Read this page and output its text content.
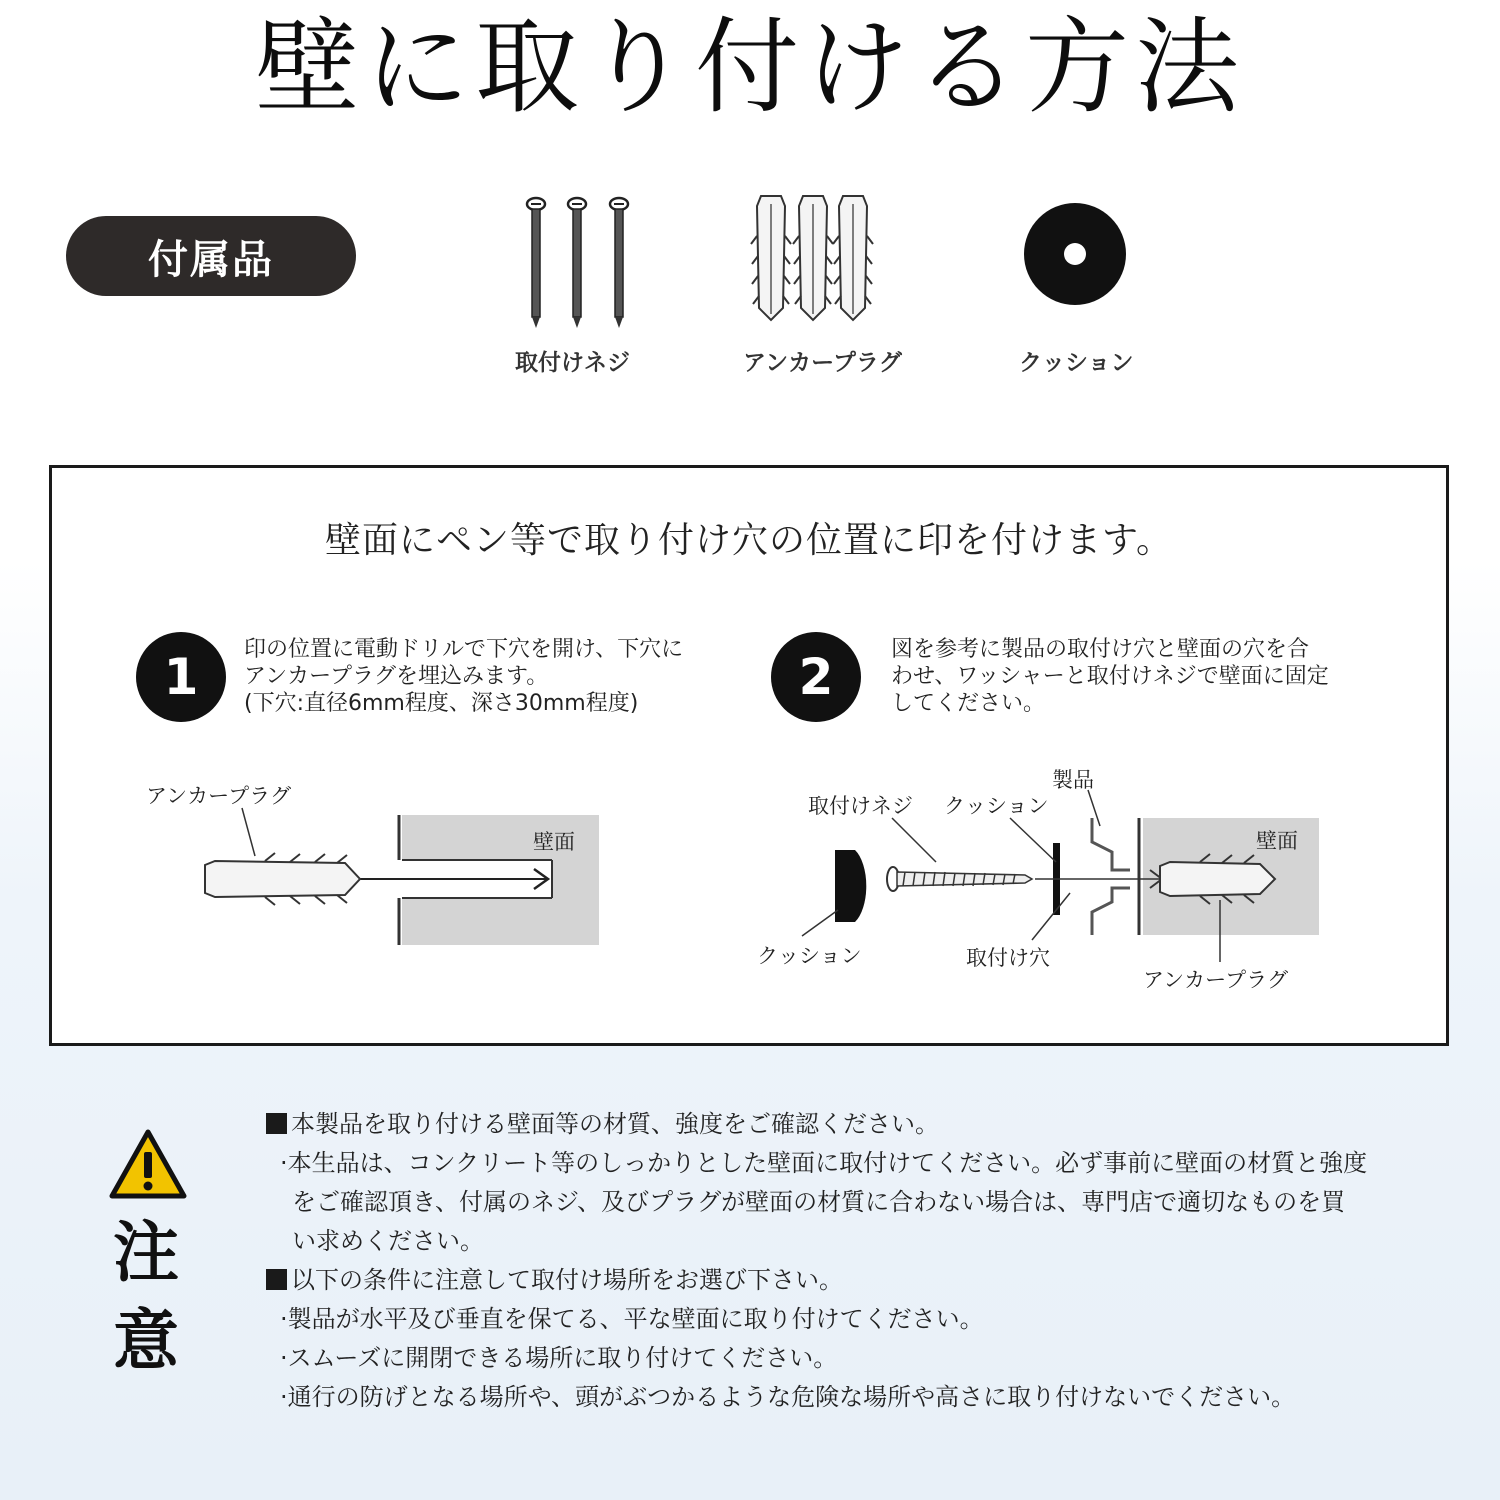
壁に取り付ける方法
付属品
取付けネジ	アンカープラグ	クッション
壁面にペン等で取り付け穴の位置に印を付けます。
1	印の位置に電動ドリルで下穴を開け、下穴に
アンカープラグを埋込みます。
(下穴:直径6mm程度、深さ30mm程度)	2	図を参考に製品の取付け穴と壁面の穴を合
わせ、ワッシャーと取付けネジで壁面に固定
してください。
アンカープラグ
壁面
製品
取付けネジ クッション
壁面
クッション	取付け穴
アンカープラグ
注
意
本製品を取り付ける壁面等の材質、強度をご確認ください。
·本生品は、コンクリート等のしっかりとした壁面に取付けてください。必ず事前に壁面の材質と強度
をご確認頂き、付属のネジ、及びプラグが壁面の材質に合わない場合は、専門店で適切なものを買
い求めください。
以下の条件に注意して取付け場所をお選び下さい。
·製品が水平及び垂直を保てる、平な壁面に取り付けてください。
·スムーズに開閉できる場所に取り付けてください。
·通行の防げとなる場所や、頭がぶつかるような危険な場所や高さに取り付けないでください。
